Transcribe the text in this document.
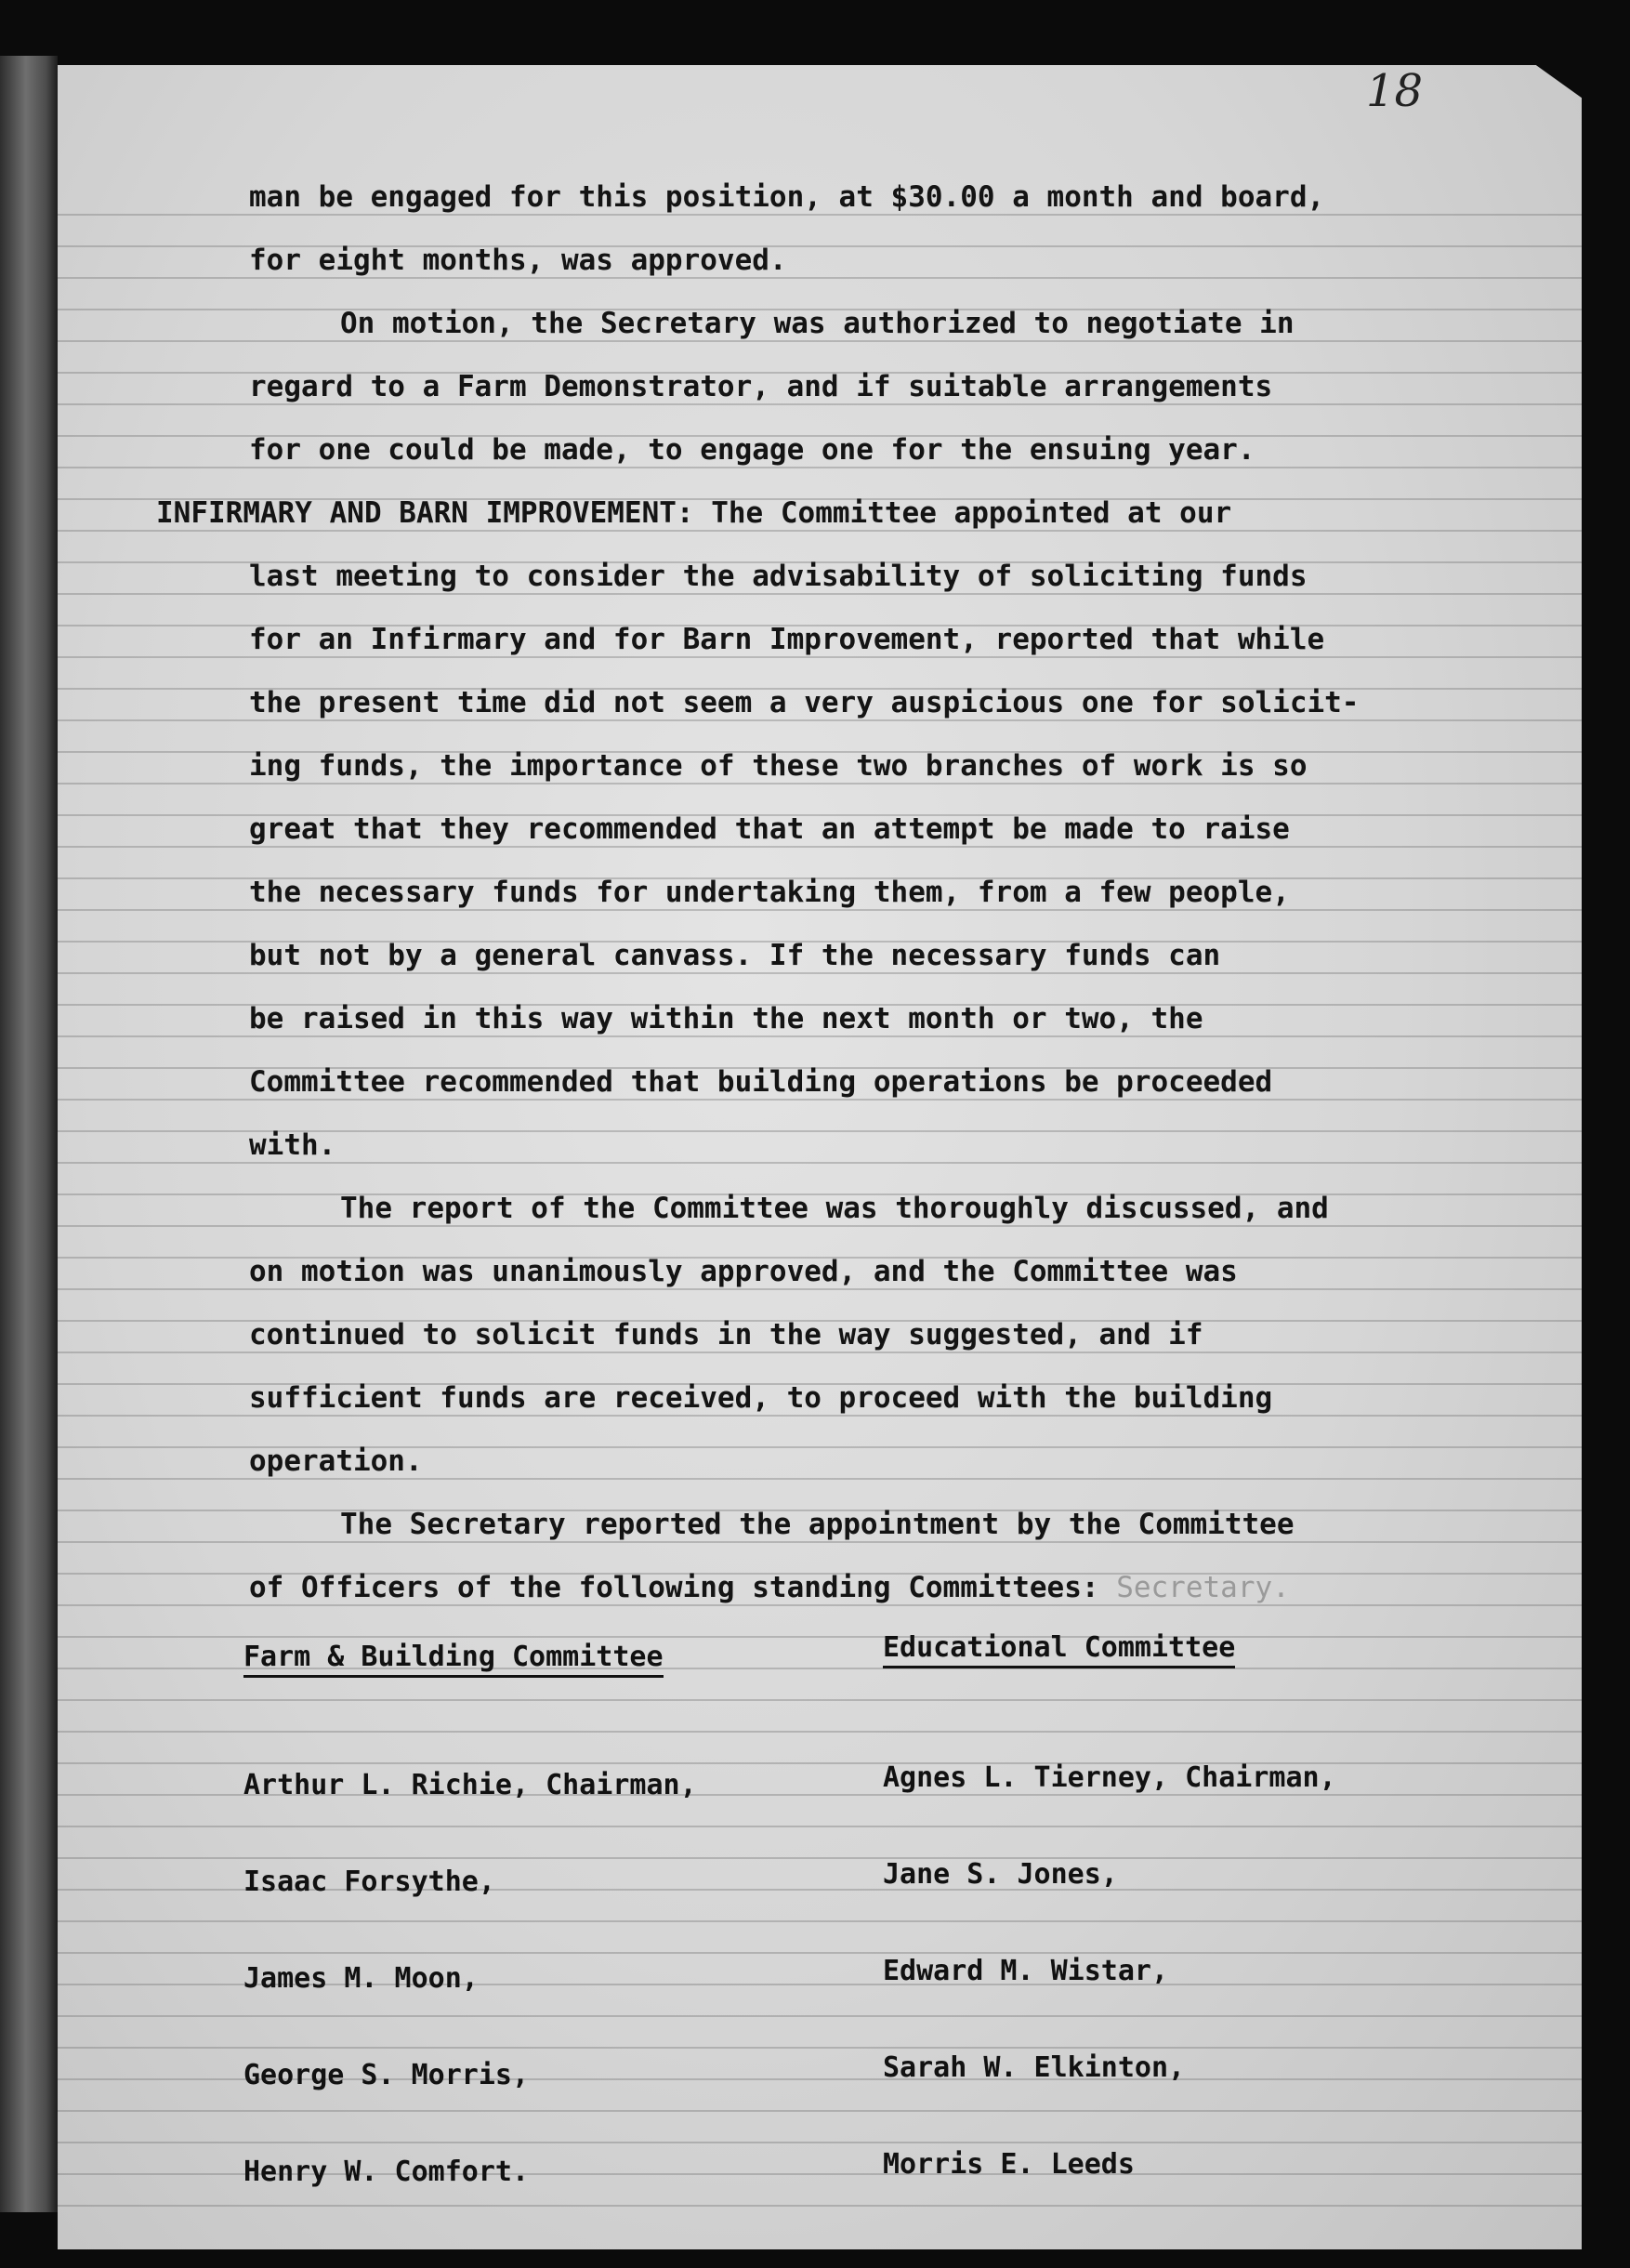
18
man be engaged for this position, at $30.00 a month and board,
for eight months, was approved.
On motion, the Secretary was authorized to negotiate in
regard to a Farm Demonstrator, and if suitable arrangements
for one could be made, to engage one for the ensuing year.
INFIRMARY AND BARN IMPROVEMENT: The Committee appointed at our
last meeting to consider the advisability of soliciting funds
for an Infirmary and for Barn Improvement, reported that while
the present time did not seem a very auspicious one for solicit-
ing funds, the importance of these two branches of work is so
great that they recommended that an attempt be made to raise
the necessary funds for undertaking them, from a few people,
but not by a general canvass. If the necessary funds can
be raised in this way within the next month or two, the
Committee recommended that building operations be proceeded
with.
The report of the Committee was thoroughly discussed, and
on motion was unanimously approved, and the Committee was
continued to solicit funds in the way suggested, and if
sufficient funds are received, to proceed with the building
operation.
The Secretary reported the appointment by the Committee
of Officers of the following standing Committees: Secretary.
Farm & Building Committee

Arthur L. Richie, Chairman,

Isaac Forsythe,

James M. Moon,

George S. Morris,

Henry W. Comfort.

Educational Committee

Agnes L. Tierney, Chairman,

Jane S. Jones,

Edward M. Wistar,

Sarah W. Elkinton,

Morris E. Leeds
